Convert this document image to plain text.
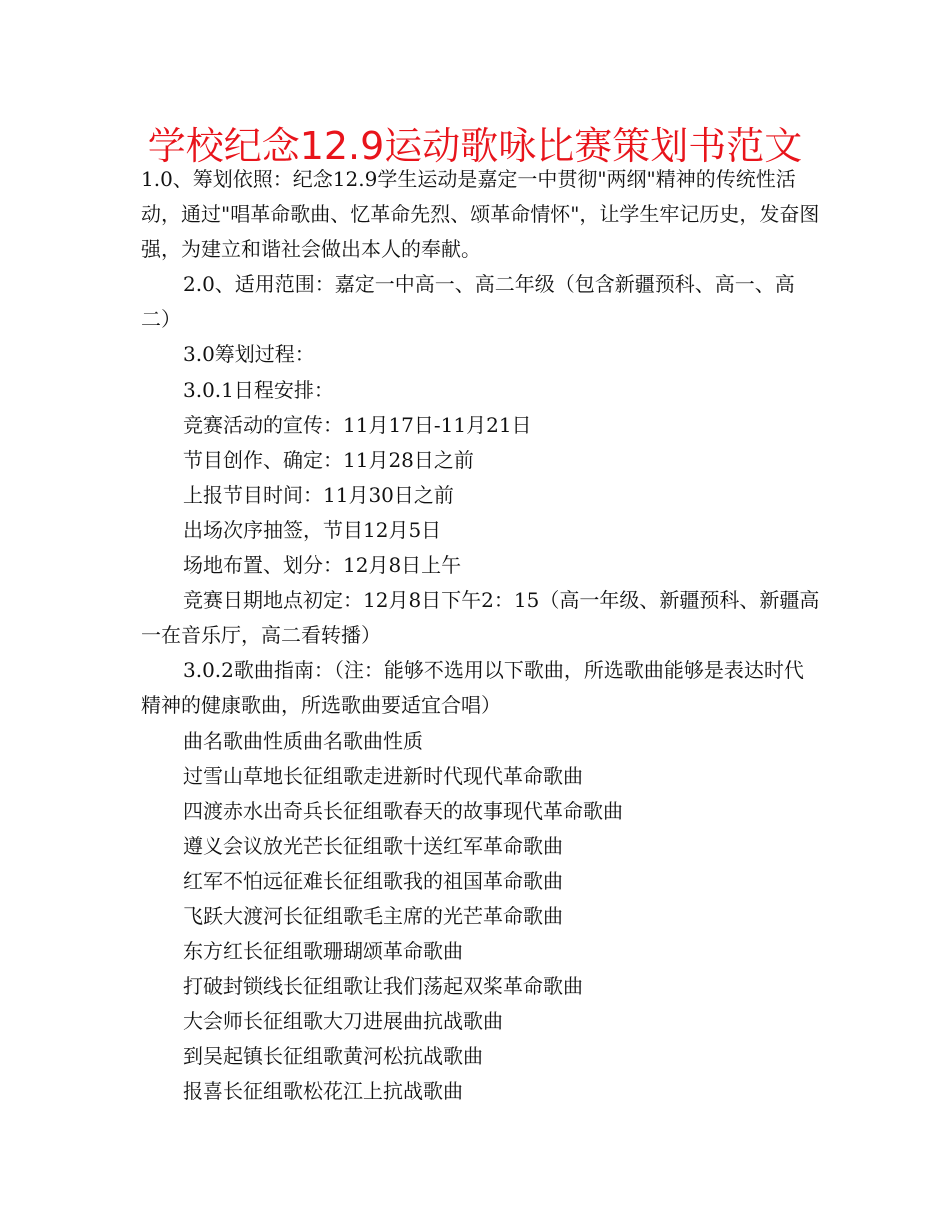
学校纪念12.9运动歌咏比赛策划书范文

1.0、筹划依照：纪念12.9学生运动是嘉定一中贯彻"两纲"精神的传统性活动，通过"唱革命歌曲、忆革命先烈、颂革命情怀"，让学生牢记历史，发奋图强，为建立和谐社会做出本人的奉献。

2.0、适用范围：嘉定一中高一、高二年级（包含新疆预科、高一、高二）

3.0筹划过程：

3.0.1日程安排：

竞赛活动的宣传：11月17日-11月21日

节目创作、确定：11月28日之前

上报节目时间：11月30日之前

出场次序抽签，节目12月5日

场地布置、划分：12月8日上午

竞赛日期地点初定：12月8日下午2：15（高一年级、新疆预科、新疆高一在音乐厅，高二看转播）

3.0.2歌曲指南：（注：能够不选用以下歌曲，所选歌曲能够是表达时代精神的健康歌曲，所选歌曲要适宜合唱）

曲名歌曲性质曲名歌曲性质

过雪山草地长征组歌走进新时代现代革命歌曲

四渡赤水出奇兵长征组歌春天的故事现代革命歌曲

遵义会议放光芒长征组歌十送红军革命歌曲

红军不怕远征难长征组歌我的祖国革命歌曲

飞跃大渡河长征组歌毛主席的光芒革命歌曲

东方红长征组歌珊瑚颂革命歌曲

打破封锁线长征组歌让我们荡起双桨革命歌曲

大会师长征组歌大刀进展曲抗战歌曲

到吴起镇长征组歌黄河松抗战歌曲

报喜长征组歌松花江上抗战歌曲
